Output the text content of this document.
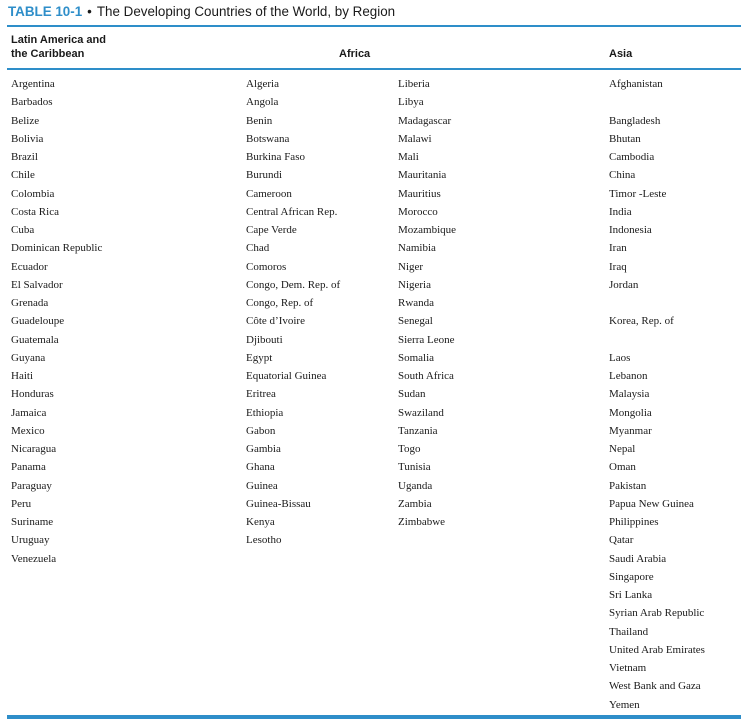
TABLE 10-1 • The Developing Countries of the World, by Region
Latin America and
the Caribbean	Africa	Asia
Argentina
Barbados
Belize
Bolivia
Brazil
Chile
Colombia
Costa Rica
Cuba
Dominican Republic
Ecuador
El Salvador
Grenada
Guadeloupe
Guatemala
Guyana
Haiti
Honduras
Jamaica
Mexico
Nicaragua
Panama
Paraguay
Peru
Suriname
Uruguay
Venezuela
Algeria
Angola
Benin
Botswana
Burkina Faso
Burundi
Cameroon
Central African Rep.
Cape Verde
Chad
Comoros
Congo, Dem. Rep. of
Congo, Rep. of
Côte d’Ivoire
Djibouti
Egypt
Equatorial Guinea
Eritrea
Ethiopia
Gabon
Gambia
Ghana
Guinea
Guinea-Bissau
Kenya
Lesotho
Liberia
Libya
Madagascar
Malawi
Mali
Mauritania
Mauritius
Morocco
Mozambique
Namibia
Niger
Nigeria
Rwanda
Senegal
Sierra Leone
Somalia
South Africa
Sudan
Swaziland
Tanzania
Togo
Tunisia
Uganda
Zambia
Zimbabwe
Afghanistan
Bangladesh
Bhutan
Cambodia
China
Timor -Leste
India
Indonesia
Iran
Iraq
Jordan
Korea, Rep. of
Laos
Lebanon
Malaysia
Mongolia
Myanmar
Nepal
Oman
Pakistan
Papua New Guinea
Philippines
Qatar
Saudi Arabia
Singapore
Sri Lanka
Syrian Arab Republic
Thailand
United Arab Emirates
Vietnam
West Bank and Gaza
Yemen
